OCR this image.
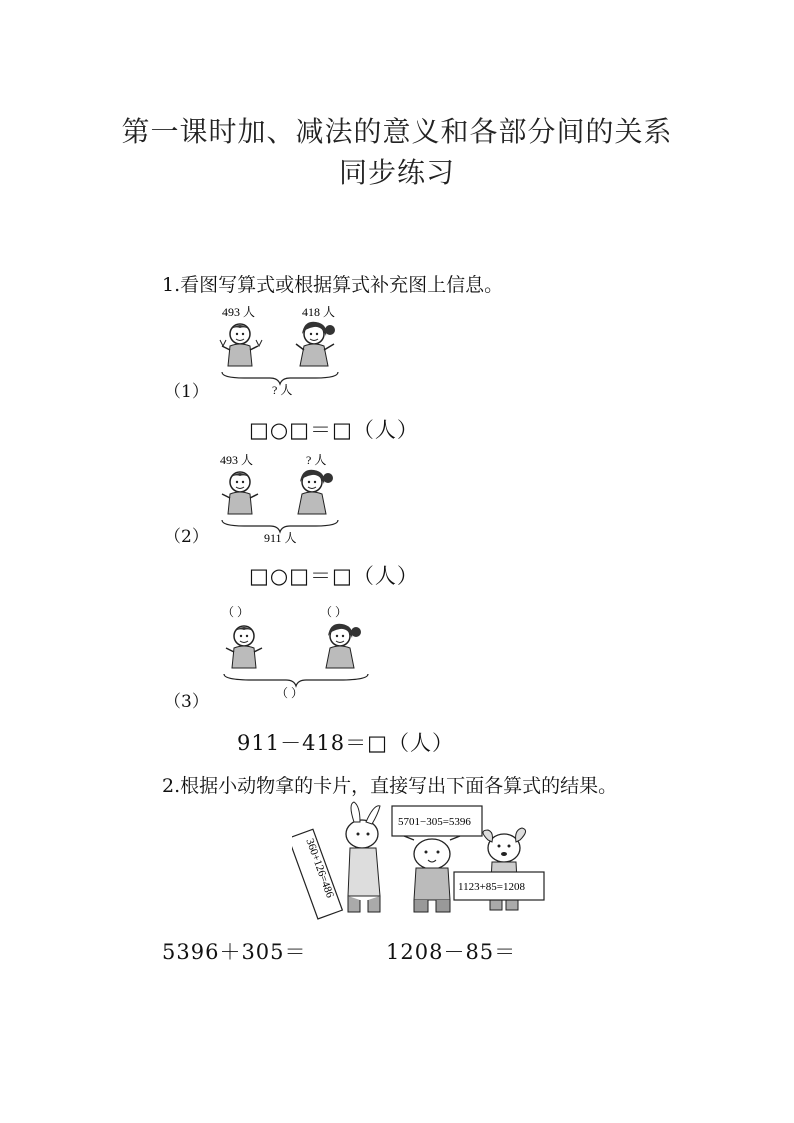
第一课时加、减法的意义和各部分间的关系
同步练习
1.看图写算式或根据算式补充图上信息。
493 人	418 人
? 人
（1）
□○□＝□（人）
493 人	? 人
911 人
（2）
□○□＝□（人）
（ ）	（ ）
（ ）
（3）
911－418＝□（人）
2.根据小动物拿的卡片，直接写出下面各算式的结果。
360+126=486
5701−305=5396
1123+85=1208
5396＋305＝	1208－85＝
